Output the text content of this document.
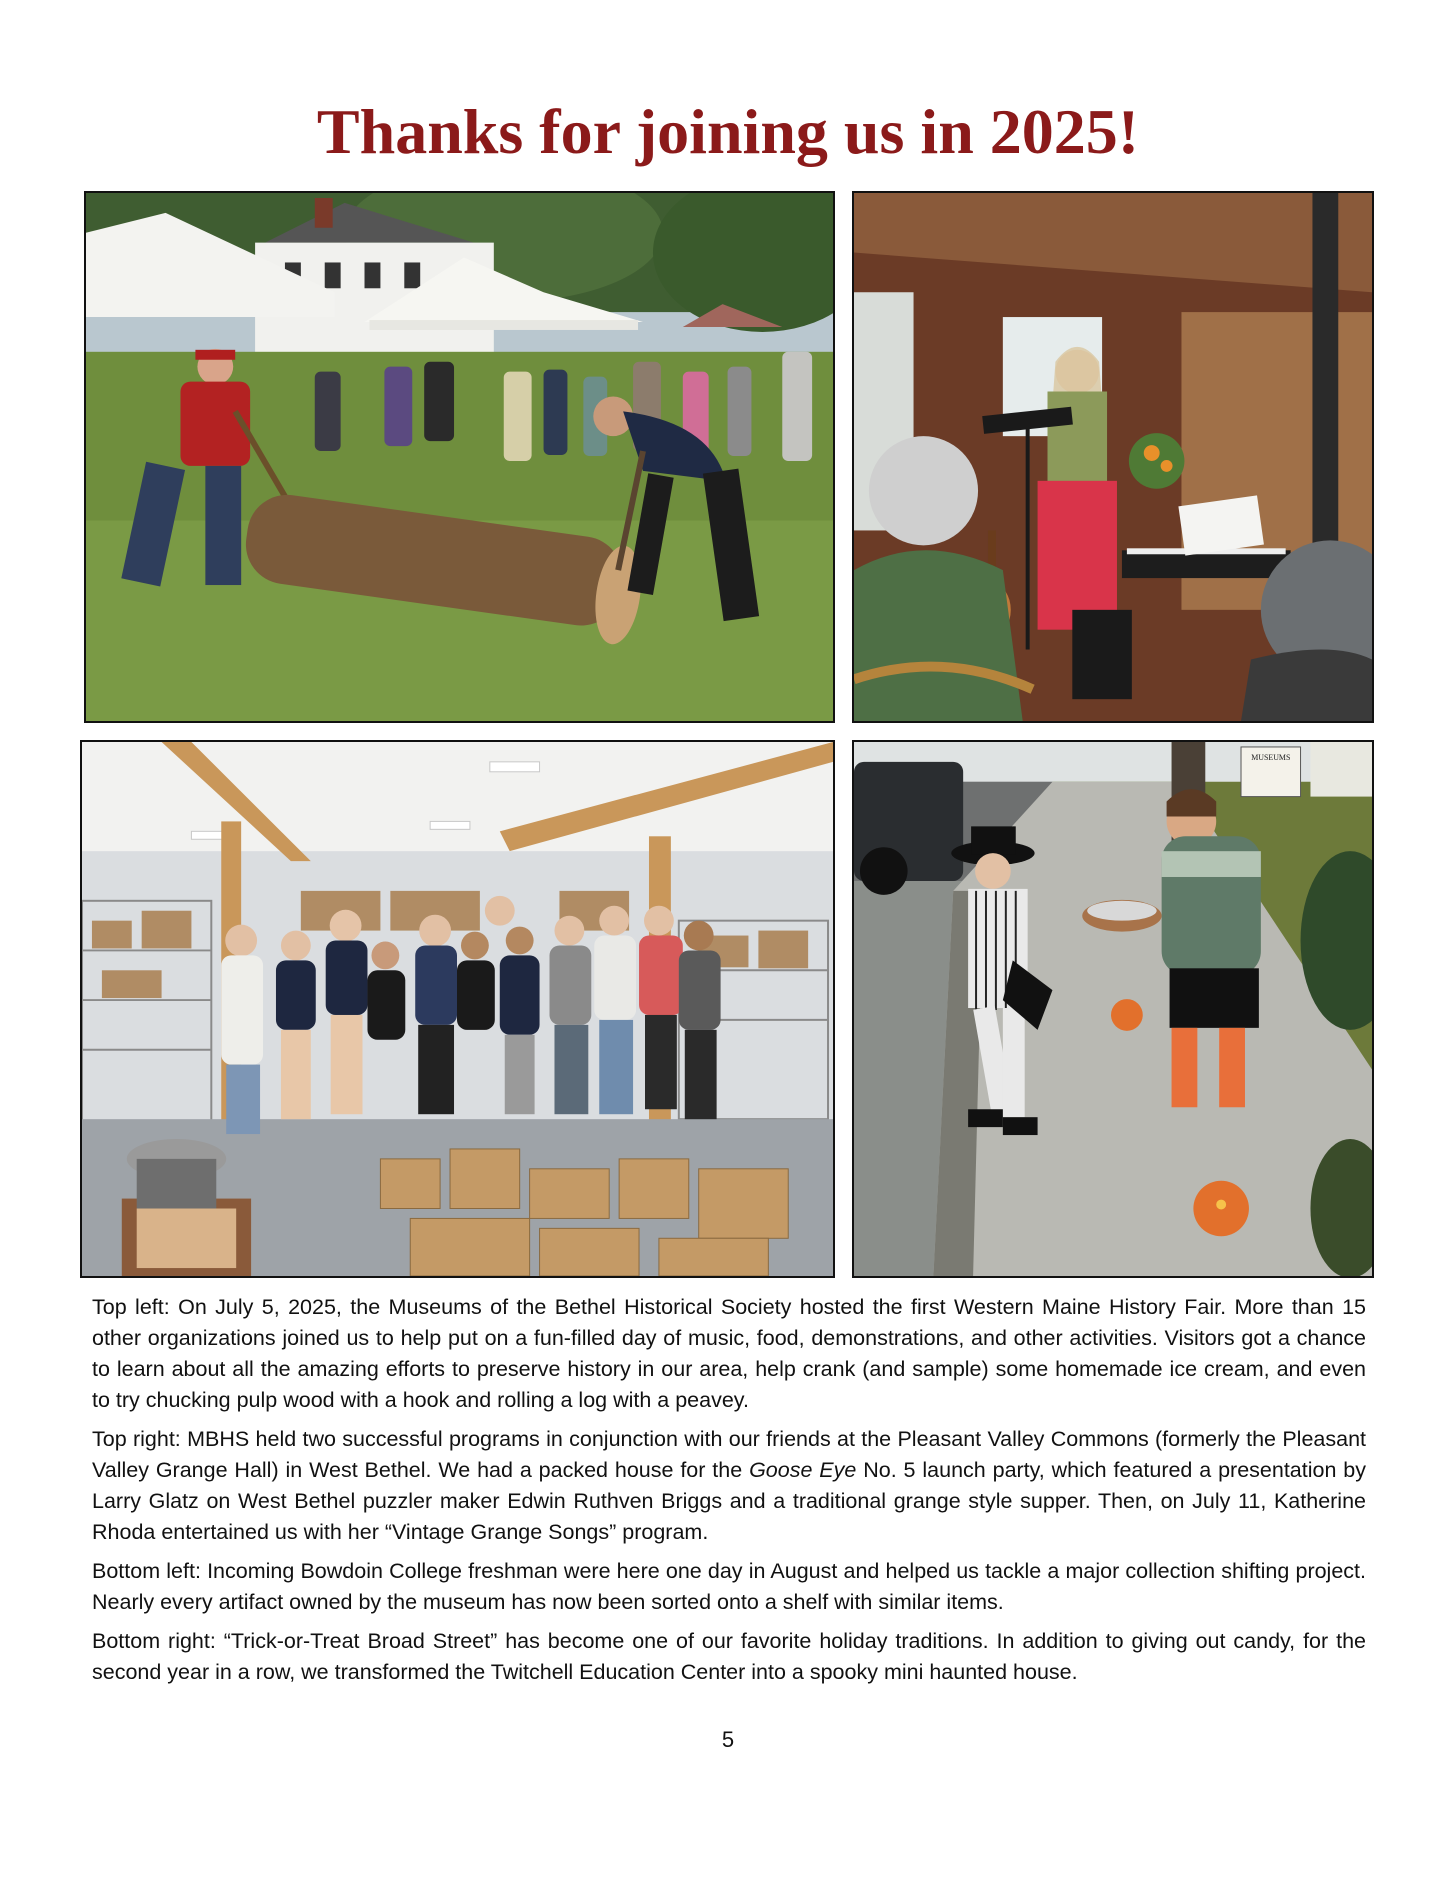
Thanks for joining us in 2025!
MUSEUMS

Top left: On July 5, 2025, the Museums of the Bethel Historical Society hosted the first Western Maine History Fair. More than 15 other organizations joined us to help put on a fun-filled day of music, food, demonstrations, and other activities. Visitors got a chance to learn about all the amazing efforts to preserve history in our area, help crank (and sample) some homemade ice cream, and even to try chucking pulp wood with a hook and rolling a log with a peavey.

Top right: MBHS held two successful programs in conjunction with our friends at the Pleasant Valley Commons (formerly the Pleasant Valley Grange Hall) in West Bethel. We had a packed house for the Goose Eye No. 5 launch party, which featured a presentation by Larry Glatz on West Bethel puzzler maker Edwin Ruthven Briggs and a traditional grange style supper. Then, on July 11, Katherine Rhoda entertained us with her “Vintage Grange Songs” program.

Bottom left: Incoming Bowdoin College freshman were here one day in August and helped us tackle a major collection shifting project. Nearly every artifact owned by the museum has now been sorted onto a shelf with similar items.

Bottom right: “Trick-or-Treat Broad Street” has become one of our favorite holiday traditions. In addition to giving out candy, for the second year in a row, we transformed the Twitchell Education Center into a spooky mini haunted house.

5
